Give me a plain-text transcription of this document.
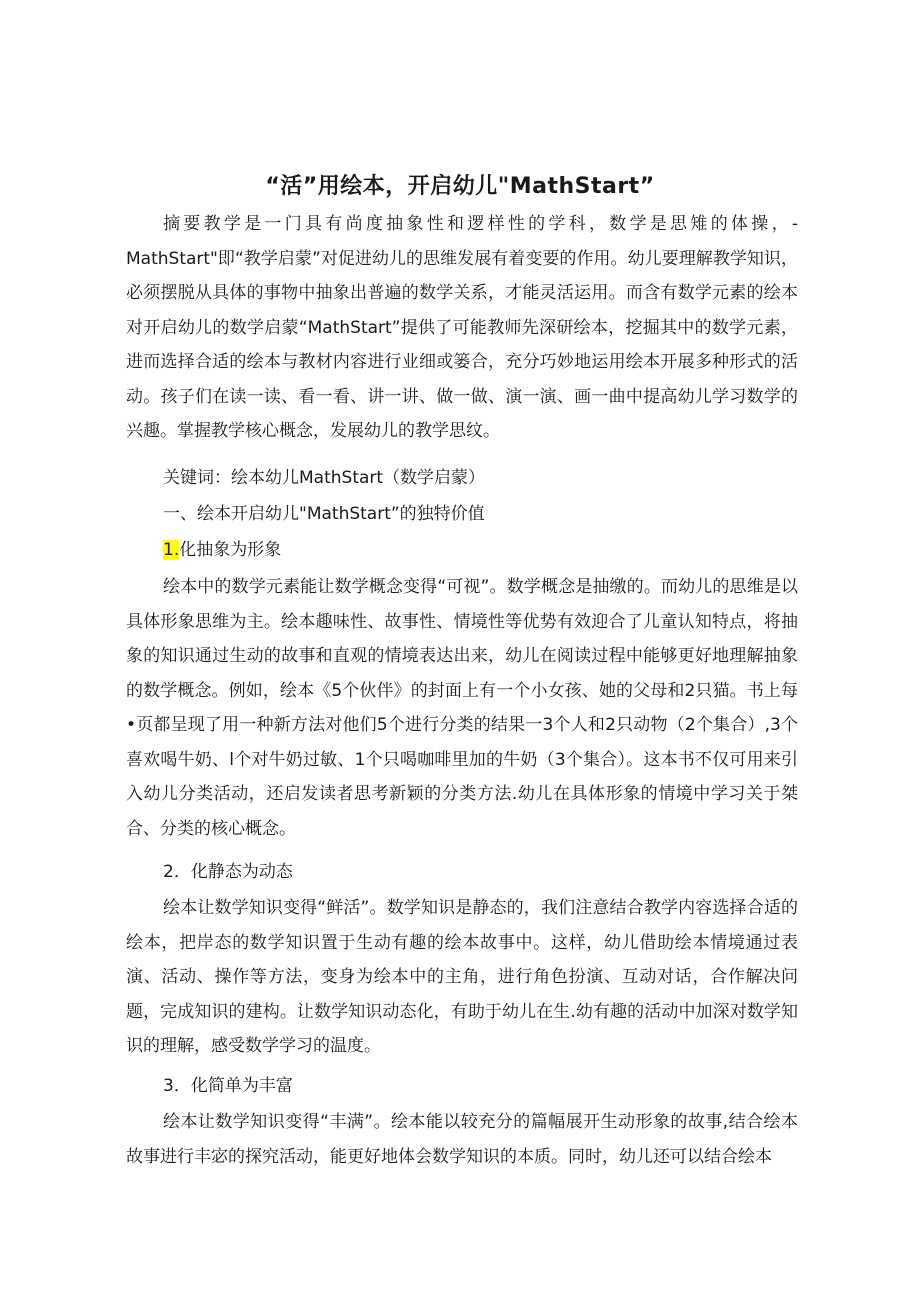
“活”用绘本，开启幼儿"MathStart”

摘要教学是一门具有尚度抽象性和逻样性的学科，数学是思雉的体操，-MathStart"即“教学启蒙”对促进幼儿的思维发展有着变要的作用。幼儿要理解教学知识，必须摆脱从具体的事物中抽象出普遍的数学关系，才能灵活运用。而含有数学元素的绘本对开启幼儿的数学启蒙“MathStart”提供了可能教师先深研绘本，挖掘其中的数学元素，进而选择合适的绘本与教材内容进行业细或篓合，充分巧妙地运用绘本开展多种形式的活动。孩子们在读一读、看一看、讲一讲、做一做、演一演、画一曲中提高幼儿学习数学的兴趣。掌握教学核心概念，发展幼儿的教学思纹。

关键词：绘本幼儿MathStart（数学启蒙）

一、绘本开启幼儿"MathStart”的独特价值

1.化抽象为形象

绘本中的数学元素能让数学概念变得“可视”。数学概念是抽缴的。而幼儿的思维是以具体形象思维为主。绘本趣味性、故事性、情境性等优势有效迎合了儿童认知特点，将抽象的知识通过生动的故事和直观的情境表达出来，幼儿在阅读过程中能够更好地理解抽象的数学概念。例如，绘本《5个伙伴》的封面上有一个小女孩、她的父母和2只猫。书上每•页都呈现了用一种新方法对他们5个进行分类的结果一3个人和2只动物（2个集合）,3个喜欢喝牛奶、l个对牛奶过敏、1个只喝咖啡里加的牛奶（3个集合）。这本书不仅可用来引入幼儿分类活动，还启发读者思考新颖的分类方法.幼儿在具体形象的情境中学习关于桀合、分类的核心概念。

2．化静态为动态

绘本让数学知识变得“鲜活”。数学知识是静态的，我们注意结合教学内容选择合适的绘本，把岸态的数学知识置于生动有趣的绘本故事中。这样，幼儿借助绘本情境通过表演、活动、操作等方法，变身为绘本中的主角，进行角色扮演、互动对话，合作解决问题，完成知识的建构。让数学知识动态化，有助于幼儿在生.幼有趣的活动中加深对数学知识的理解，感受数学学习的温度。

3．化简单为丰富

绘本让数学知识变得“丰满”。绘本能以较充分的篇幅展开生动形象的故事,结合绘本故事进行丰宓的探究活动，能更好地体会数学知识的本质。同时，幼儿还可以结合绘本
